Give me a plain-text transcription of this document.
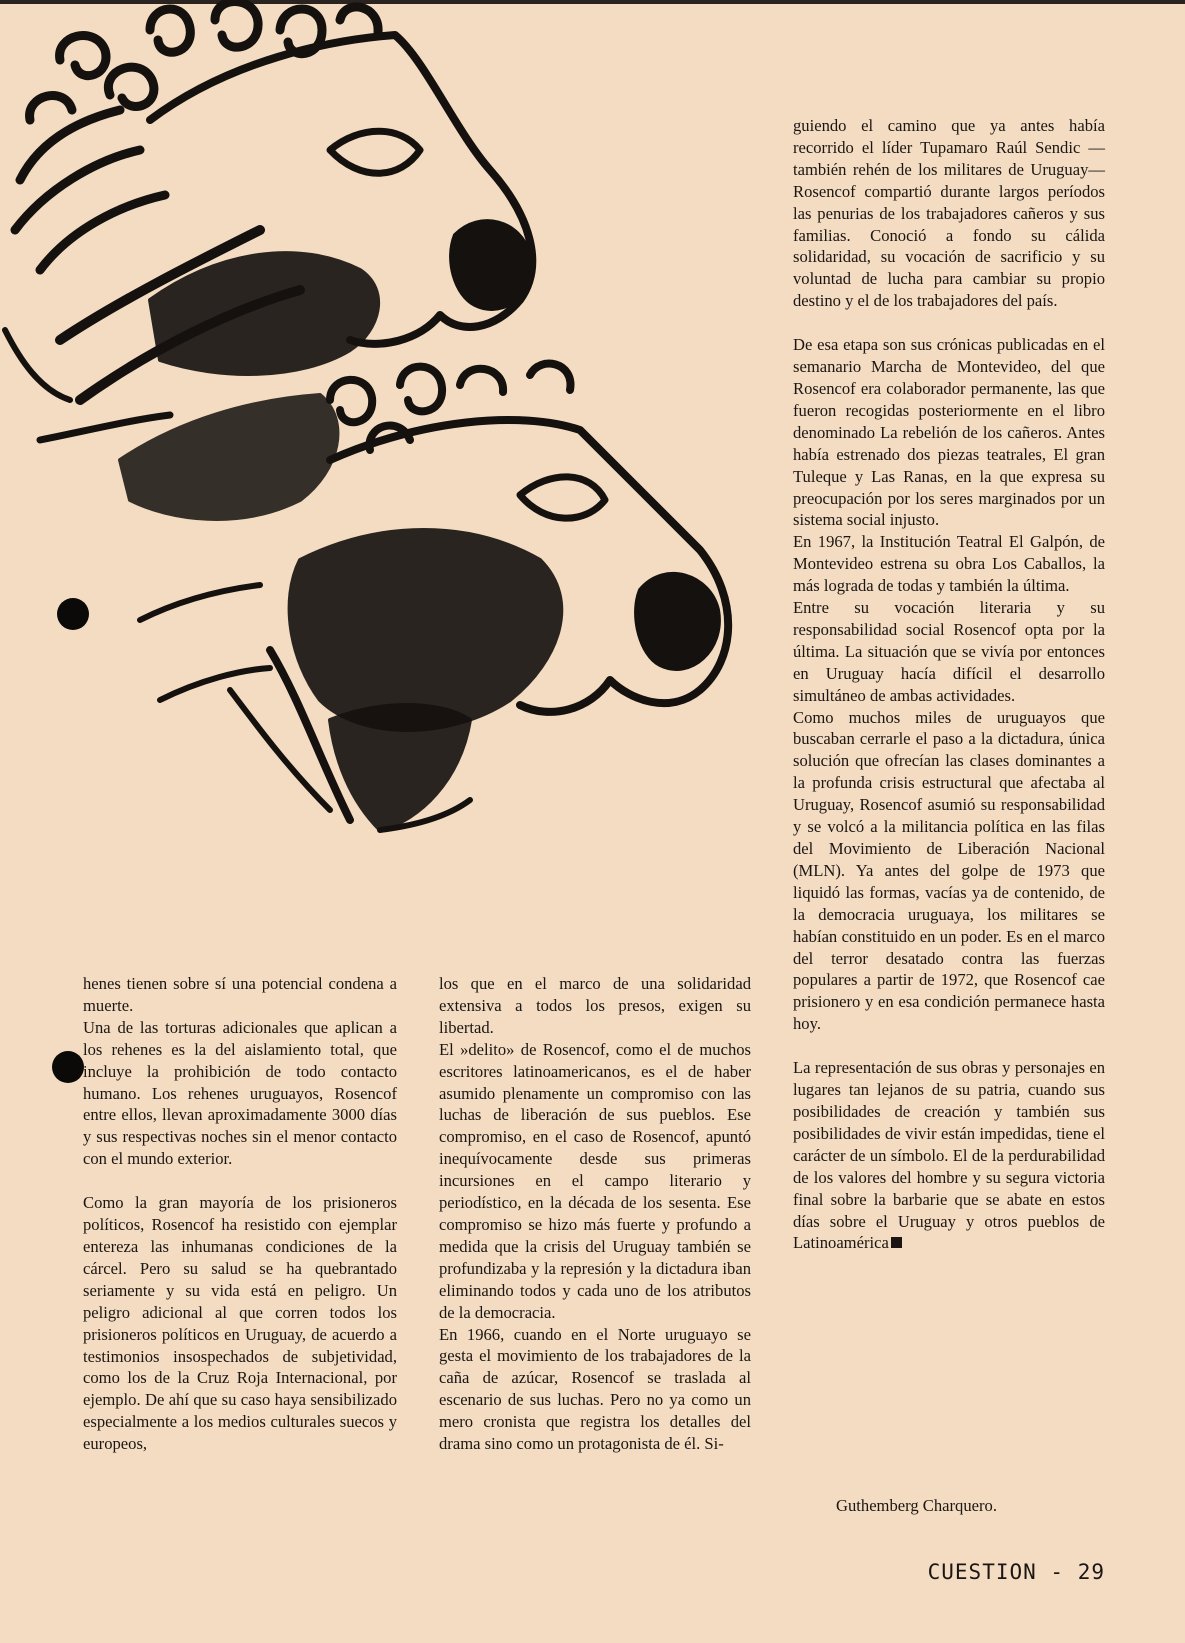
henes tienen sobre sí una potencial condena a muerte.

Una de las torturas adicionales que aplican a los rehenes es la del aislamiento total, que incluye la prohibición de todo contacto humano. Los rehenes uruguayos, Rosencof entre ellos, llevan aproximadamente 3000 días y sus respectivas noches sin el menor contacto con el mundo exterior.

Como la gran mayoría de los prisioneros políticos, Rosencof ha resistido con ejemplar entereza las inhumanas condiciones de la cárcel. Pero su salud se ha quebrantado seriamente y su vida está en peligro. Un peligro adicional al que corren todos los prisioneros políticos en Uruguay, de acuerdo a testimonios insospechados de subjetividad, como los de la Cruz Roja Internacional, por ejemplo. De ahí que su caso haya sensibilizado especialmente a los medios culturales suecos y europeos,

los que en el marco de una solidaridad extensiva a todos los presos, exigen su libertad.

El »delito» de Rosencof, como el de muchos escritores latinoamericanos, es el de haber asumido plenamente un compromiso con las luchas de liberación de sus pueblos. Ese compromiso, en el caso de Rosencof, apuntó inequívocamente desde sus primeras incursiones en el campo literario y periodístico, en la década de los sesenta. Ese compromiso se hizo más fuerte y profundo a medida que la crisis del Uruguay también se profundizaba y la represión y la dictadura iban eliminando todos y cada uno de los atributos de la democracia.

En 1966, cuando en el Norte uruguayo se gesta el movimiento de los trabajadores de la caña de azúcar, Rosencof se traslada al escenario de sus luchas. Pero no ya como un mero cronista que registra los detalles del drama sino como un protagonista de él. Si-

guiendo el camino que ya antes había recorrido el líder Tupamaro Raúl Sendic —también rehén de los militares de Uruguay— Rosencof compartió durante largos períodos las penurias de los trabajadores cañeros y sus familias. Conoció a fondo su cálida solidaridad, su vocación de sacrificio y su voluntad de lucha para cambiar su propio destino y el de los trabajadores del país.

De esa etapa son sus crónicas publicadas en el semanario Marcha de Montevideo, del que Rosencof era colaborador permanente, las que fueron recogidas posteriormente en el libro denominado La rebelión de los cañeros. Antes había estrenado dos piezas teatrales, El gran Tuleque y Las Ranas, en la que expresa su preocupación por los seres marginados por un sistema social injusto.

En 1967, la Institución Teatral El Galpón, de Montevideo estrena su obra Los Caballos, la más lograda de todas y también la última.

Entre su vocación literaria y su responsabilidad social Rosencof opta por la última. La situación que se vivía por entonces en Uruguay hacía difícil el desarrollo simultáneo de ambas actividades.

Como muchos miles de uruguayos que buscaban cerrarle el paso a la dictadura, única solución que ofrecían las clases dominantes a la profunda crisis estructural que afectaba al Uruguay, Rosencof asumió su responsabilidad y se volcó a la militancia política en las filas del Movimiento de Liberación Nacional (MLN). Ya antes del golpe de 1973 que liquidó las formas, vacías ya de contenido, de la democracia uruguaya, los militares se habían constituido en un poder. Es en el marco del terror desatado contra las fuerzas populares a partir de 1972, que Rosencof cae prisionero y en esa condición permanece hasta hoy.

La representación de sus obras y personajes en lugares tan lejanos de su patria, cuando sus posibilidades de creación y también sus posibilidades de vivir están impedidas, tiene el carácter de un símbolo. El de la perdurabilidad de los valores del hombre y su segura victoria final sobre la barbarie que se abate en estos días sobre el Uruguay y otros pueblos de Latinoamérica

Guthemberg Charquero.
CUESTION - 29
